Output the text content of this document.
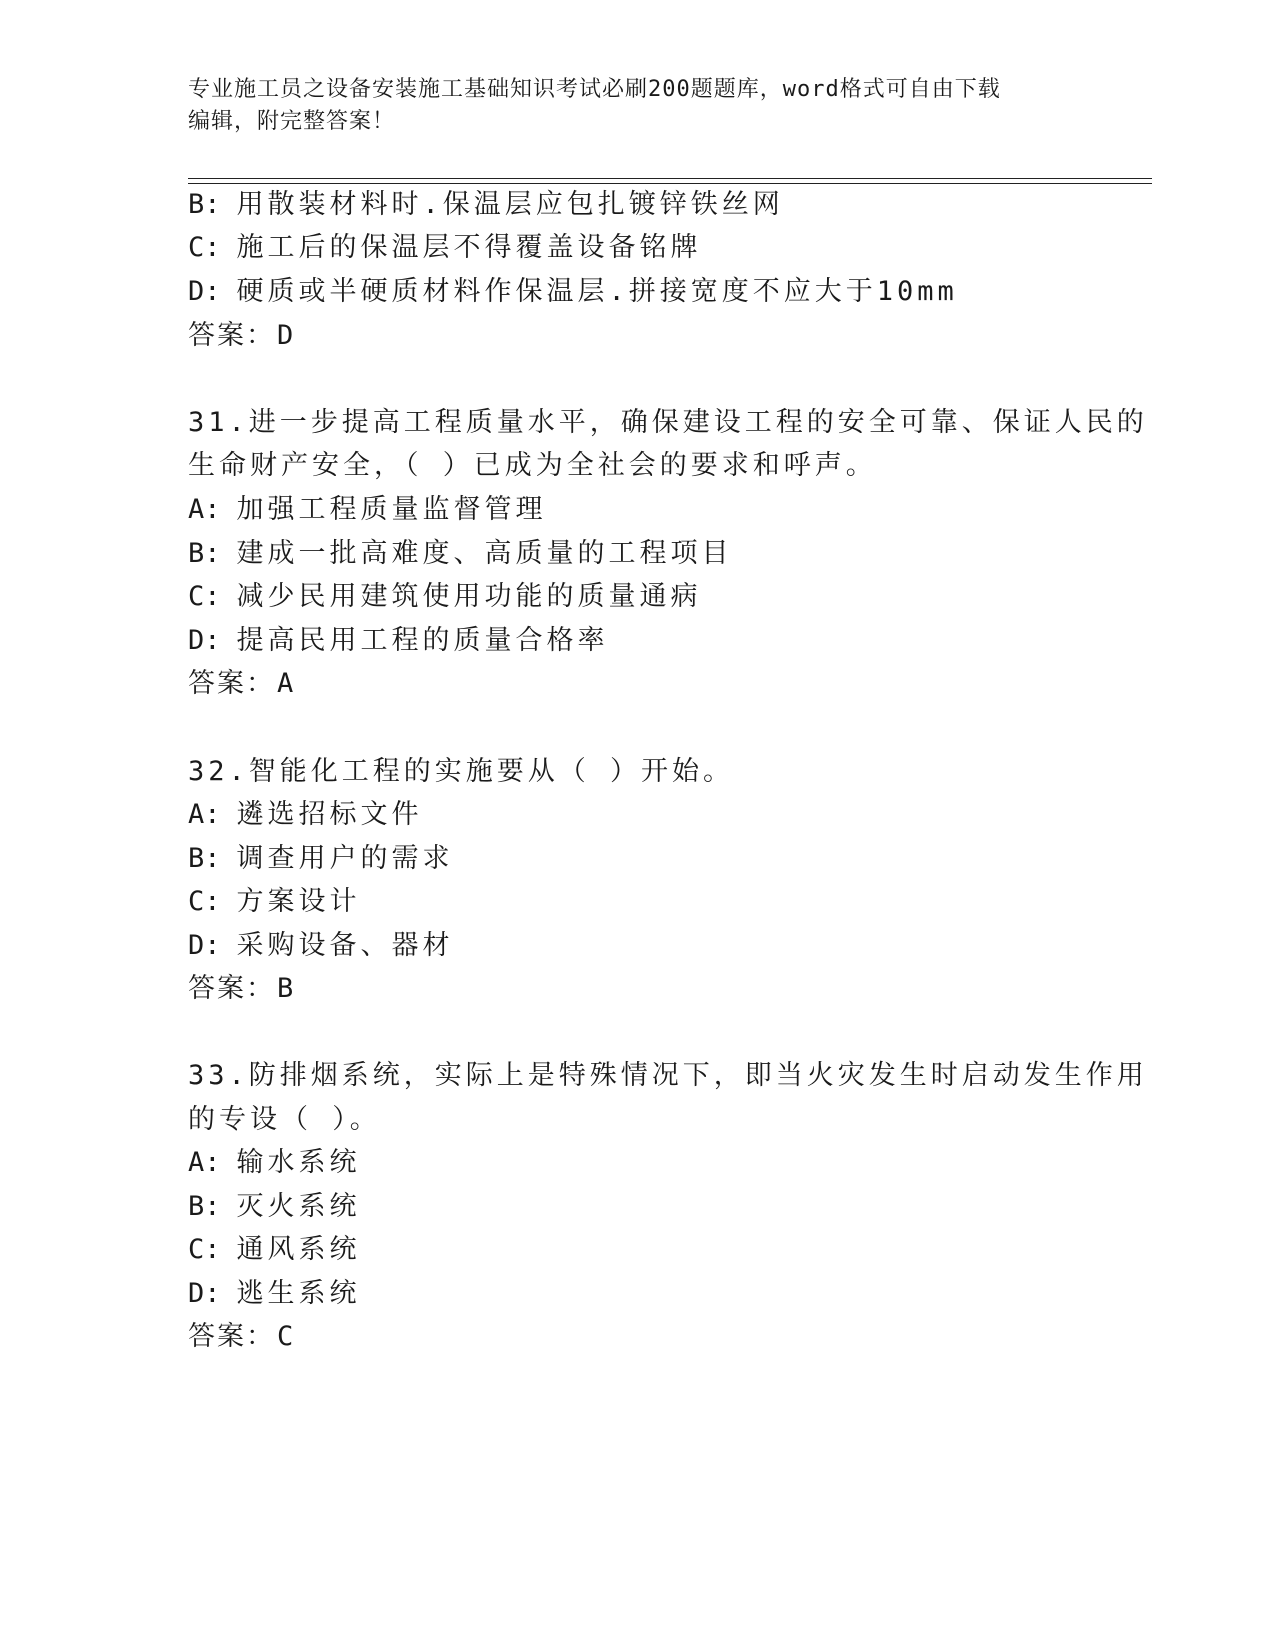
专业施工员之设备安装施工基础知识考试必刷200题题库，word格式可自由下载
编辑，附完整答案！
B: 用散装材料时.保温层应包扎镀锌铁丝网
C: 施工后的保温层不得覆盖设备铭牌
D: 硬质或半硬质材料作保温层.拼接宽度不应大于10mm
答案：D
31.进一步提高工程质量水平，确保建设工程的安全可靠、保证人民的
生命财产安全，（ ）已成为全社会的要求和呼声。
A: 加强工程质量监督管理
B: 建成一批高难度、高质量的工程项目
C: 减少民用建筑使用功能的质量通病
D: 提高民用工程的质量合格率
答案：A
32.智能化工程的实施要从（ ）开始。
A: 遴选招标文件
B: 调查用户的需求
C: 方案设计
D: 采购设备、器材
答案：B
33.防排烟系统，实际上是特殊情况下，即当火灾发生时启动发生作用
的专设（ ）。
A: 输水系统
B: 灭火系统
C: 通风系统
D: 逃生系统
答案：C
